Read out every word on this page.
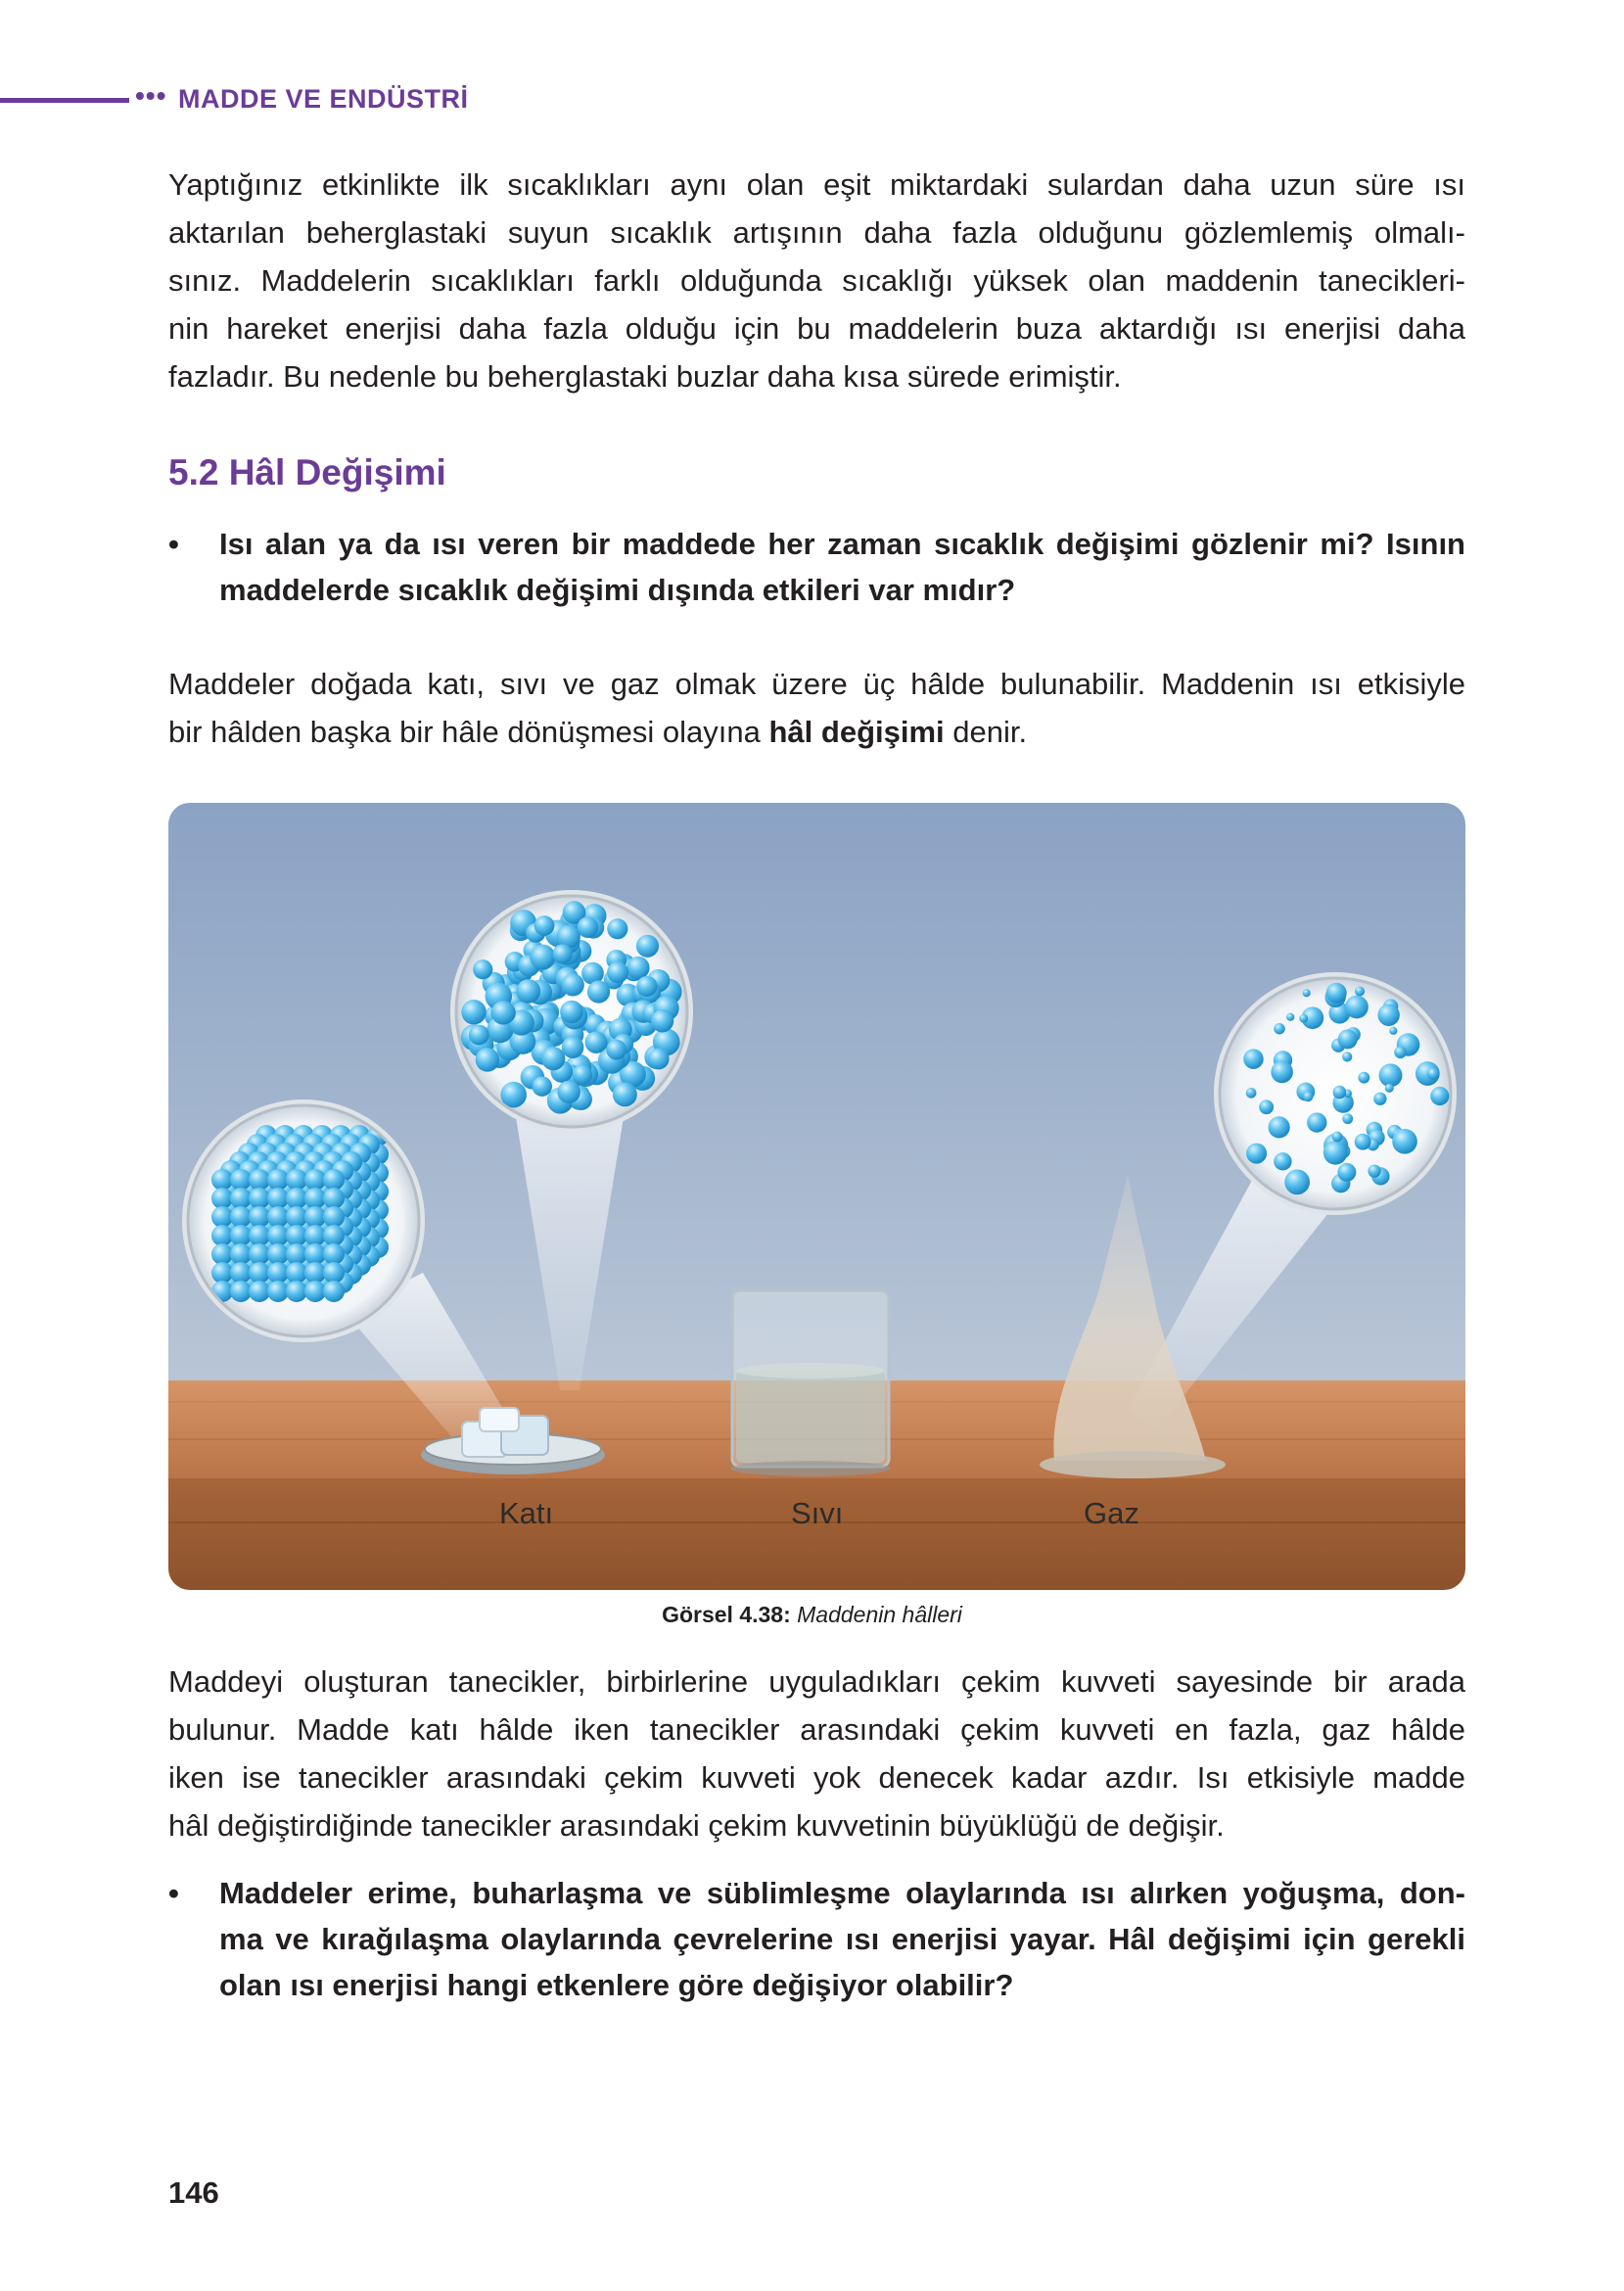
••• MADDE VE ENDÜSTRİ
Yaptığınız etkinlikte ilk sıcaklıkları aynı olan eşit miktardaki sulardan daha uzun süre ısı
aktarılan beherglastaki suyun sıcaklık artışının daha fazla olduğunu gözlemlemiş olmalı-
sınız. Maddelerin sıcaklıkları farklı olduğunda sıcaklığı yüksek olan maddenin tanecikleri-
nin hareket enerjisi daha fazla olduğu için bu maddelerin buza aktardığı ısı enerjisi daha
fazladır. Bu nedenle bu beherglastaki buzlar daha kısa sürede erimiştir.
5.2 Hâl Değişimi
• Isı alan ya da ısı veren bir maddede her zaman sıcaklık değişimi gözlenir mi? Isının
maddelerde sıcaklık değişimi dışında etkileri var mıdır?
Maddeler doğada katı, sıvı ve gaz olmak üzere üç hâlde bulunabilir. Maddenin ısı etkisiyle
bir hâlden başka bir hâle dönüşmesi olayına hâl değişimi denir.
Katı	Sıvı	Gaz
Görsel 4.38: Maddenin hâlleri
Maddeyi oluşturan tanecikler, birbirlerine uyguladıkları çekim kuvveti sayesinde bir arada
bulunur. Madde katı hâlde iken tanecikler arasındaki çekim kuvveti en fazla, gaz hâlde
iken ise tanecikler arasındaki çekim kuvveti yok denecek kadar azdır. Isı etkisiyle madde
hâl değiştirdiğinde tanecikler arasındaki çekim kuvvetinin büyüklüğü de değişir.
• Maddeler erime, buharlaşma ve süblimleşme olaylarında ısı alırken yoğuşma, don-
ma ve kırağılaşma olaylarında çevrelerine ısı enerjisi yayar. Hâl değişimi için gerekli
olan ısı enerjisi hangi etkenlere göre değişiyor olabilir?
146
